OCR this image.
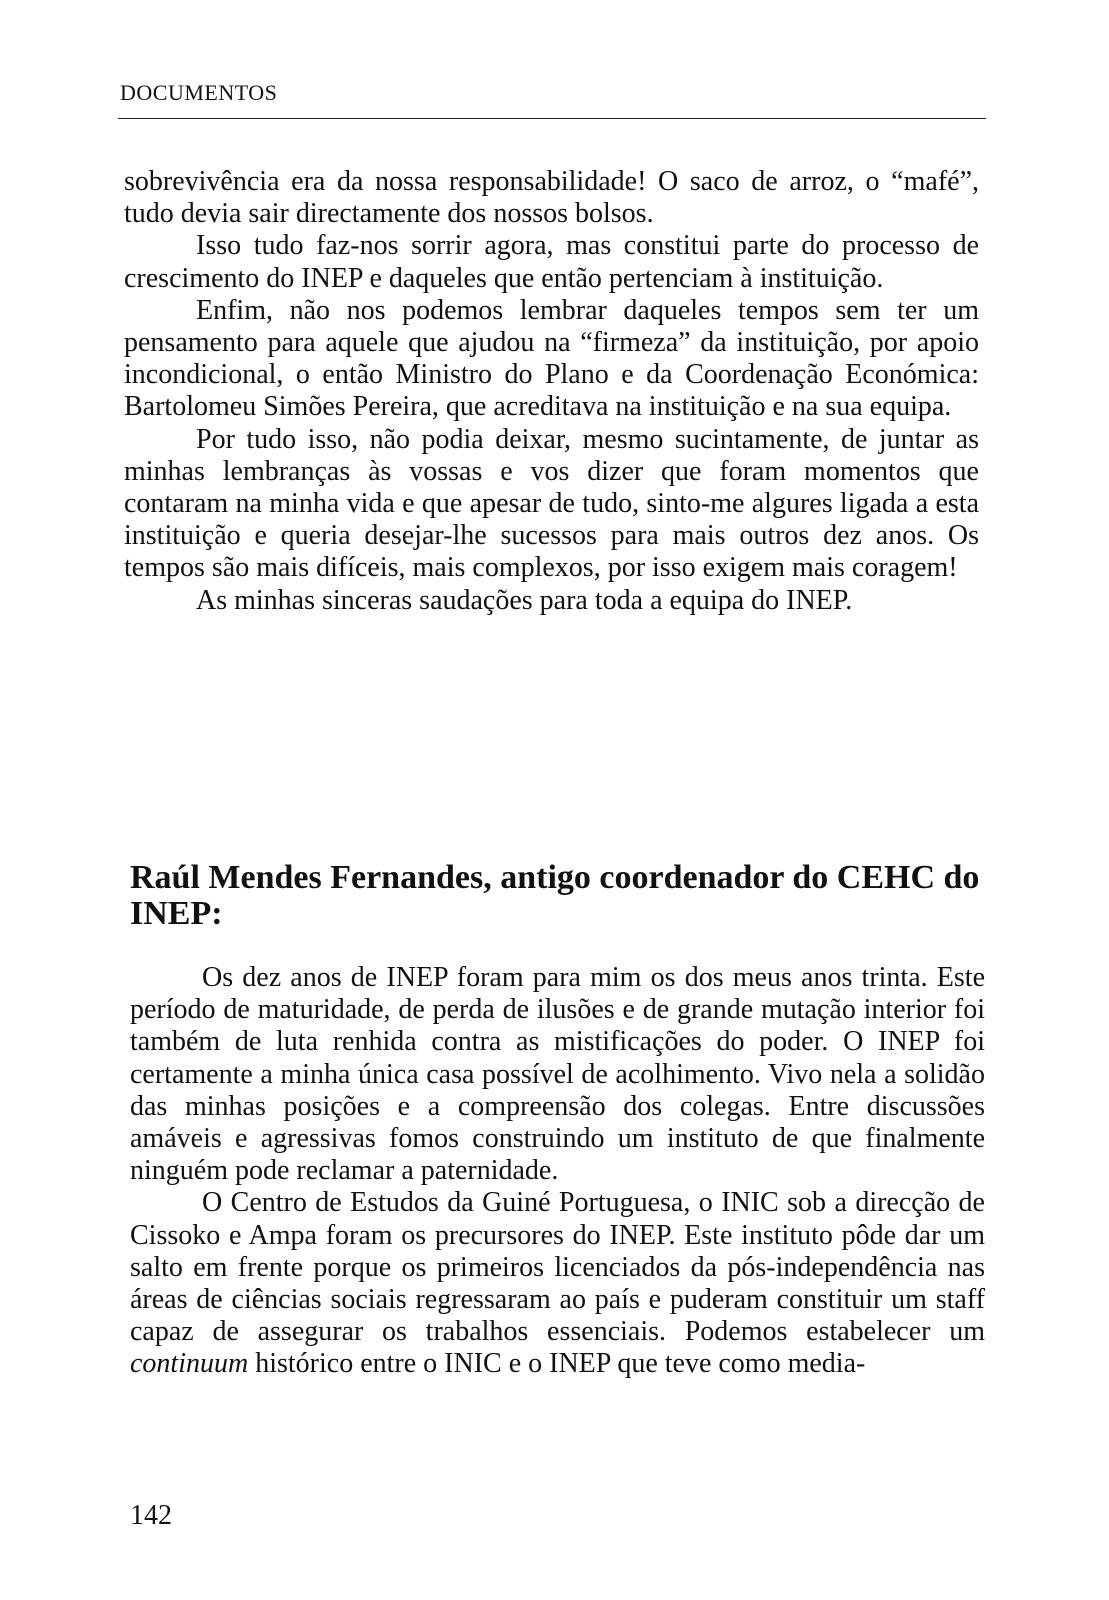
DOCUMENTOS

sobrevivência era da nossa responsabilidade! O saco de arroz, o “mafé”, tudo devia sair directamente dos nossos bolsos.

Isso tudo faz-nos sorrir agora, mas constitui parte do processo de crescimento do INEP e daqueles que então pertenciam à instituição.

Enfim, não nos podemos lembrar daqueles tempos sem ter um pensamento para aquele que ajudou na “firmeza” da instituição, por apoio incondicional, o então Ministro do Plano e da Coordenação Económica: Bartolomeu Simões Pereira, que acreditava na instituição e na sua equipa.

Por tudo isso, não podia deixar, mesmo sucintamente, de juntar as minhas lembranças às vossas e vos dizer que foram momentos que contaram na minha vida e que apesar de tudo, sinto-me algures ligada a esta instituição e queria desejar-lhe sucessos para mais outros dez anos. Os tempos são mais difíceis, mais complexos, por isso exigem mais coragem!

As minhas sinceras saudações para toda a equipa do INEP.

Raúl Mendes Fernandes, antigo coordenador do CEHC do INEP:

Os dez anos de INEP foram para mim os dos meus anos trinta. Este período de maturidade, de perda de ilusões e de grande mutação interior foi também de luta renhida contra as mistificações do poder. O INEP foi certamente a minha única casa possível de acolhimento. Vivo nela a solidão das minhas posições e a compreensão dos colegas. Entre discussões amáveis e agressivas fomos construindo um instituto de que finalmente ninguém pode reclamar a paternidade.

O Centro de Estudos da Guiné Portuguesa, o INIC sob a direcção de Cissoko e Ampa foram os precursores do INEP. Este instituto pôde dar um salto em frente porque os primeiros licenciados da pós-independência nas áreas de ciências sociais regressaram ao país e puderam constituir um staff capaz de assegurar os trabalhos essenciais. Podemos estabelecer um continuum histórico entre o INIC e o INEP que teve como media-

142
